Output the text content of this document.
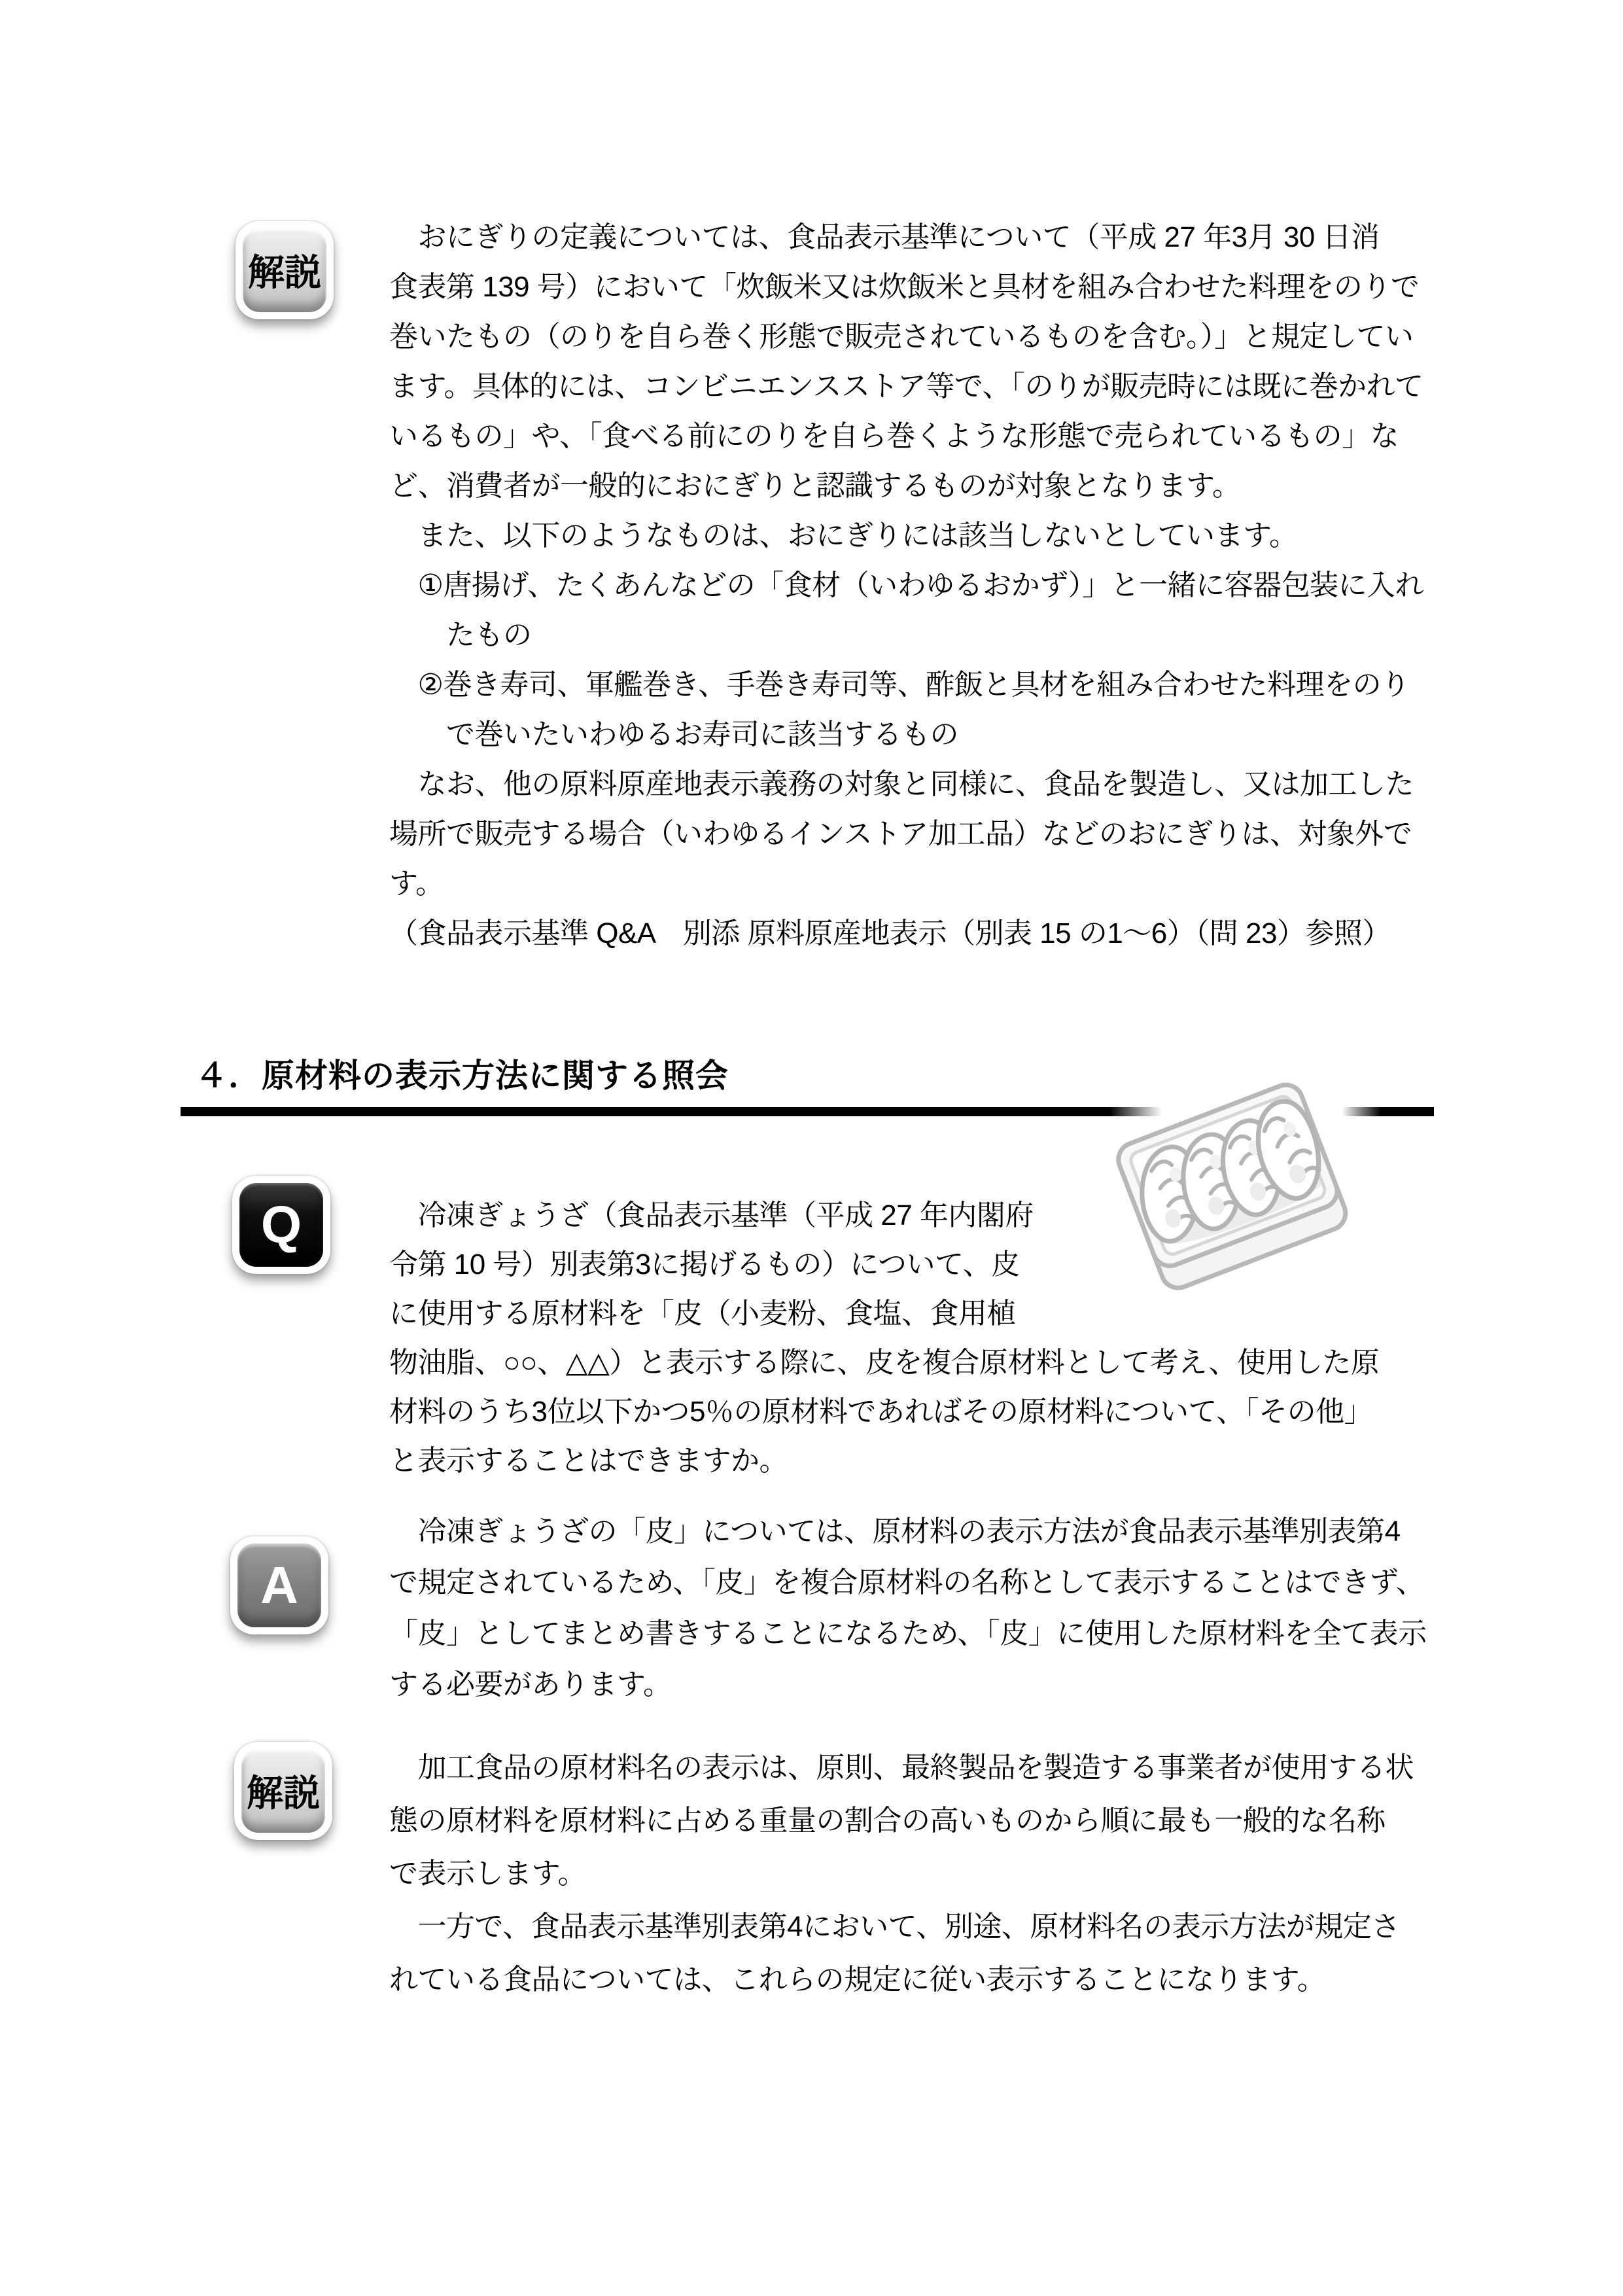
解説
　おにぎりの定義については、食品表示基準について（平成 27 年3月 30 日消
食表第 139 号）において「炊飯米又は炊飯米と具材を組み合わせた料理をのりで
巻いたもの（のりを自ら巻く形態で販売されているものを含む。）」と規定してい
ます。具体的には、コンビニエンスストア等で、「のりが販売時には既に巻かれて
いるもの」や、「食べる前にのりを自ら巻くような形態で売られているもの」な
ど、消費者が一般的におにぎりと認識するものが対象となります。
　また、以下のようなものは、おにぎりには該当しないとしています。
　①唐揚げ、たくあんなどの「食材（いわゆるおかず）」と一緒に容器包装に入れ
　　たもの
　②巻き寿司、軍艦巻き、手巻き寿司等、酢飯と具材を組み合わせた料理をのり
　　で巻いたいわゆるお寿司に該当するもの
　なお、他の原料原産地表示義務の対象と同様に、食品を製造し、又は加工した
場所で販売する場合（いわゆるインストア加工品）などのおにぎりは、対象外で
す。
（食品表示基準 Q&A　別添 原料原産地表示（別表 15 の1～6）（問 23）参照）
４．原材料の表示方法に関する照会
Q	　冷凍ぎょうざ（食品表示基準（平成 27 年内閣府
令第 10 号）別表第3に掲げるもの）について、皮
に使用する原材料を「皮（小麦粉、食塩、食用植
物油脂、○○、△△）と表示する際に、皮を複合原材料として考え、使用した原
材料のうち3位以下かつ5％の原材料であればその原材料について、「その他」
と表示することはできますか。
A
　冷凍ぎょうざの「皮」については、原材料の表示方法が食品表示基準別表第4
で規定されているため、「皮」を複合原材料の名称として表示することはできず、
「皮」としてまとめ書きすることになるため、「皮」に使用した原材料を全て表示
する必要があります。
解説
　加工食品の原材料名の表示は、原則、最終製品を製造する事業者が使用する状
態の原材料を原材料に占める重量の割合の高いものから順に最も一般的な名称
で表示します。
　一方で、食品表示基準別表第4において、別途、原材料名の表示方法が規定さ
れている食品については、これらの規定に従い表示することになります。
